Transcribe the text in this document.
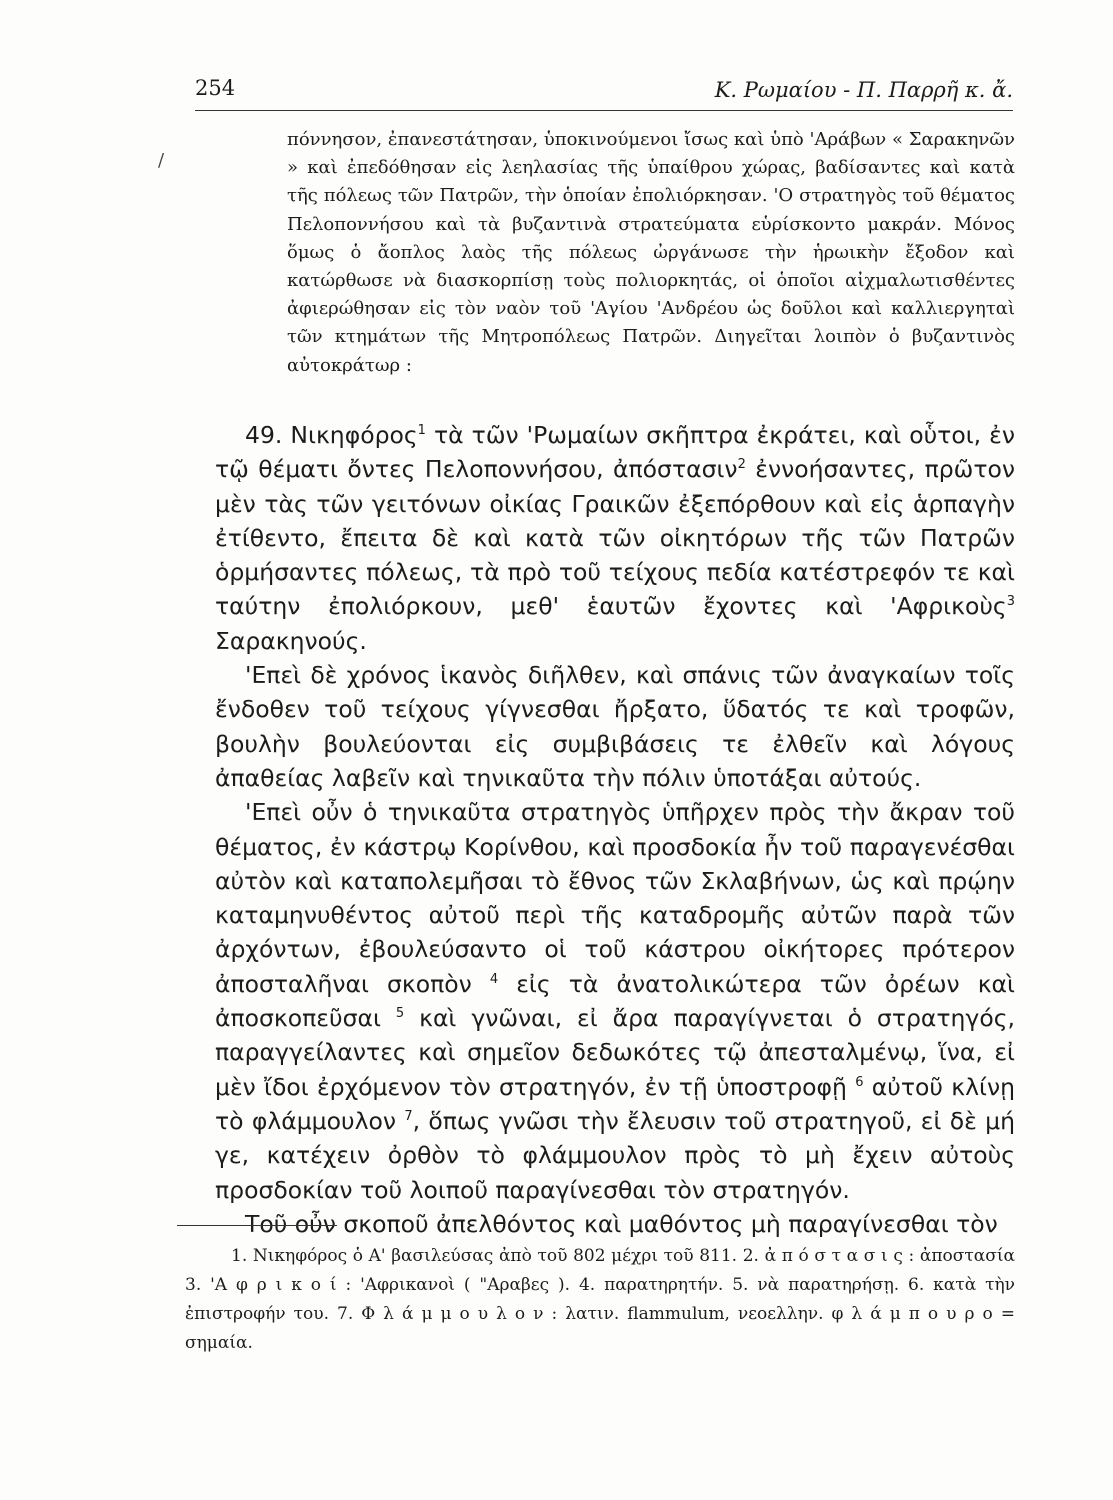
254	Κ. Ρωμαίου - Π. Παρρῆ κ. ἄ.
/
πόννησον, ἐπανεστάτησαν, ὑποκινούμενοι ἴσως καὶ ὑπὸ 'Αράβων « Σαρακηνῶν » καὶ ἐπεδόθησαν εἰς λεηλασίας τῆς ὑπαίθρου χώρας, βαδίσαντες καὶ κατὰ τῆς πόλεως τῶν Πατρῶν, τὴν ὁποίαν ἐπολιόρκησαν. 'Ο στρατηγὸς τοῦ θέματος Πελοποννήσου καὶ τὰ βυζαντινὰ στρατεύματα εὑρίσκοντο μακράν. Μόνος ὅμως ὁ ἄοπλος λαὸς τῆς πόλεως ὠργάνωσε τὴν ἡρωικὴν ἔξοδον καὶ κατώρθωσε νὰ διασκορπίσῃ τοὺς πολιορκητάς, οἱ ὁποῖοι αἰχμαλωτισθέντες ἀφιερώθησαν εἰς τὸν ναὸν τοῦ 'Αγίου 'Ανδρέου ὡς δοῦλοι καὶ καλλιεργηταὶ τῶν κτημάτων τῆς Μητροπόλεως Πατρῶν. Διηγεῖται λοιπὸν ὁ βυζαντινὸς αὐτοκράτωρ :

49. Νικηφόρος$^1$ τὰ τῶν 'Ρωμαίων σκῆπτρα ἐκράτει, καὶ οὗτοι, ἐν τῷ θέματι ὄντες Πελοποννήσου, ἀπόστασιν$^2$ ἐννοήσαντες, πρῶτον μὲν τὰς τῶν γειτόνων οἰκίας Γραικῶν ἐξεπόρθουν καὶ εἰς ἁρπαγὴν ἐτίθεντο, ἔπειτα δὲ καὶ κατὰ τῶν οἰκητόρων τῆς τῶν Πατρῶν ὁρμήσαντες πόλεως, τὰ πρὸ τοῦ τείχους πεδία κατέστρεφόν τε καὶ ταύτην ἐπολιόρκουν, μεθ' ἑαυτῶν ἔχοντες καὶ 'Αφρικοὺς$^3$ Σαρακηνούς.

'Επεὶ δὲ χρόνος ἱκανὸς διῆλθεν, καὶ σπάνις τῶν ἀναγκαίων τοῖς ἔνδοθεν τοῦ τείχους γίγνεσθαι ἤρξατο, ὕδατός τε καὶ τροφῶν, βουλὴν βουλεύονται εἰς συμβιβάσεις τε ἐλθεῖν καὶ λόγους ἀπαθείας λαβεῖν καὶ τηνικαῦτα τὴν πόλιν ὑποτάξαι αὐτούς.

'Επεὶ οὖν ὁ τηνικαῦτα στρατηγὸς ὑπῆρχεν πρὸς τὴν ἄκραν τοῦ θέματος, ἐν κάστρῳ Κορίνθου, καὶ προσδοκία ἦν τοῦ παραγενέσθαι αὐτὸν καὶ καταπολεμῆσαι τὸ ἔθνος τῶν Σκλαβήνων, ὡς καὶ πρῴην καταμηνυθέντος αὐτοῦ περὶ τῆς καταδρομῆς αὐτῶν παρὰ τῶν ἀρχόντων, ἐβουλεύσαντο οἱ τοῦ κάστρου οἰκήτορες πρότερον ἀποσταλῆναι σκοπὸν $^4$ εἰς τὰ ἀνατολικώτερα τῶν ὀρέων καὶ ἀποσκοπεῦσαι $^5$ καὶ γνῶναι, εἰ ἄρα παραγίγνεται ὁ στρατηγός, παραγγείλαντες καὶ σημεῖον δεδωκότες τῷ ἀπεσταλμένῳ, ἵνα, εἰ μὲν ἴδοι ἐρχόμενον τὸν στρατηγόν, ἐν τῇ ὑποστροφῇ $^6$ αὐτοῦ κλίνῃ τὸ φλάμμουλον $^7$, ὅπως γνῶσι τὴν ἔλευσιν τοῦ στρατηγοῦ, εἰ δὲ μή γε, κατέχειν ὀρθὸν τὸ φλάμμουλον πρὸς τὸ μὴ ἔχειν αὐτοὺς προσδοκίαν τοῦ λοιποῦ παραγίνεσθαι τὸν στρατηγόν.

Τοῦ οὖν σκοποῦ ἀπελθόντος καὶ μαθόντος μὴ παραγίνεσθαι τὸν

1. Νικηφόρος ὁ Α' βασιλεύσας ἀπὸ τοῦ 802 μέχρι τοῦ 811. 2. ἀ π ό σ τ α σ ι ς : ἀποστασία 3. 'Α φ ρ ι κ ο ί : 'Αφρικανοὶ ( "Αραβες ). 4. παρατηρητήν. 5. νὰ παρατηρήσῃ. 6. κατὰ τὴν ἐπιστροφήν του. 7. Φ λ ά μ μ ο υ λ ο ν : λατιν. flammulum, νεοελλην. φ λ ά μ π ο υ ρ ο = σημαία.
